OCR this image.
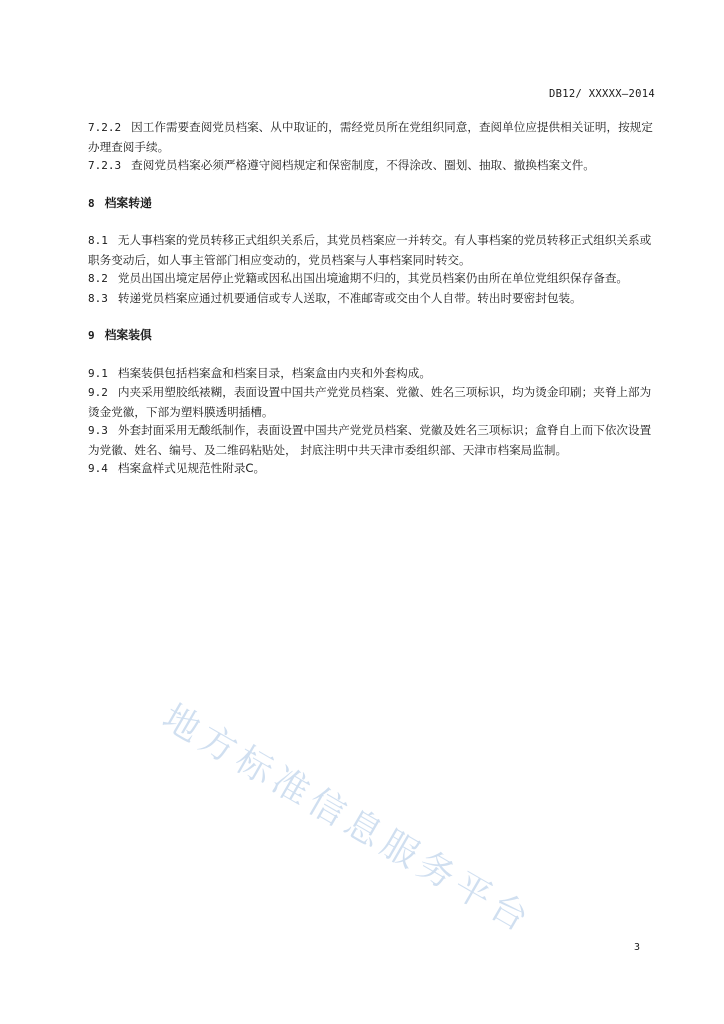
DB12/ XXXXX—2014

7.2.2 因工作需要查阅党员档案、从中取证的，需经党员所在党组织同意，查阅单位应提供相关证明，按规定办理查阅手续。

7.2.3 查阅党员档案必须严格遵守阅档规定和保密制度，不得涂改、圈划、抽取、撤换档案文件。

8 档案转递

8.1 无人事档案的党员转移正式组织关系后，其党员档案应一并转交。有人事档案的党员转移正式组织关系或职务变动后，如人事主管部门相应变动的，党员档案与人事档案同时转交。

8.2 党员出国出境定居停止党籍或因私出国出境逾期不归的，其党员档案仍由所在单位党组织保存备查。

8.3 转递党员档案应通过机要通信或专人送取，不准邮寄或交由个人自带。转出时要密封包装。

9 档案装俱

9.1 档案装俱包括档案盒和档案目录，档案盒由内夹和外套构成。

9.2 内夹采用塑胶纸裱糊，表面设置中国共产党党员档案、党徽、姓名三项标识，均为烫金印刷；夹脊上部为烫金党徽，下部为塑料膜透明插槽。

9.3 外套封面采用无酸纸制作，表面设置中国共产党党员档案、党徽及姓名三项标识；盒脊自上而下依次设置为党徽、姓名、编号、及二维码粘贴处， 封底注明中共天津市委组织部、天津市档案局监制。

9.4 档案盒样式见规范性附录C。

地方标准信息服务平台
3
